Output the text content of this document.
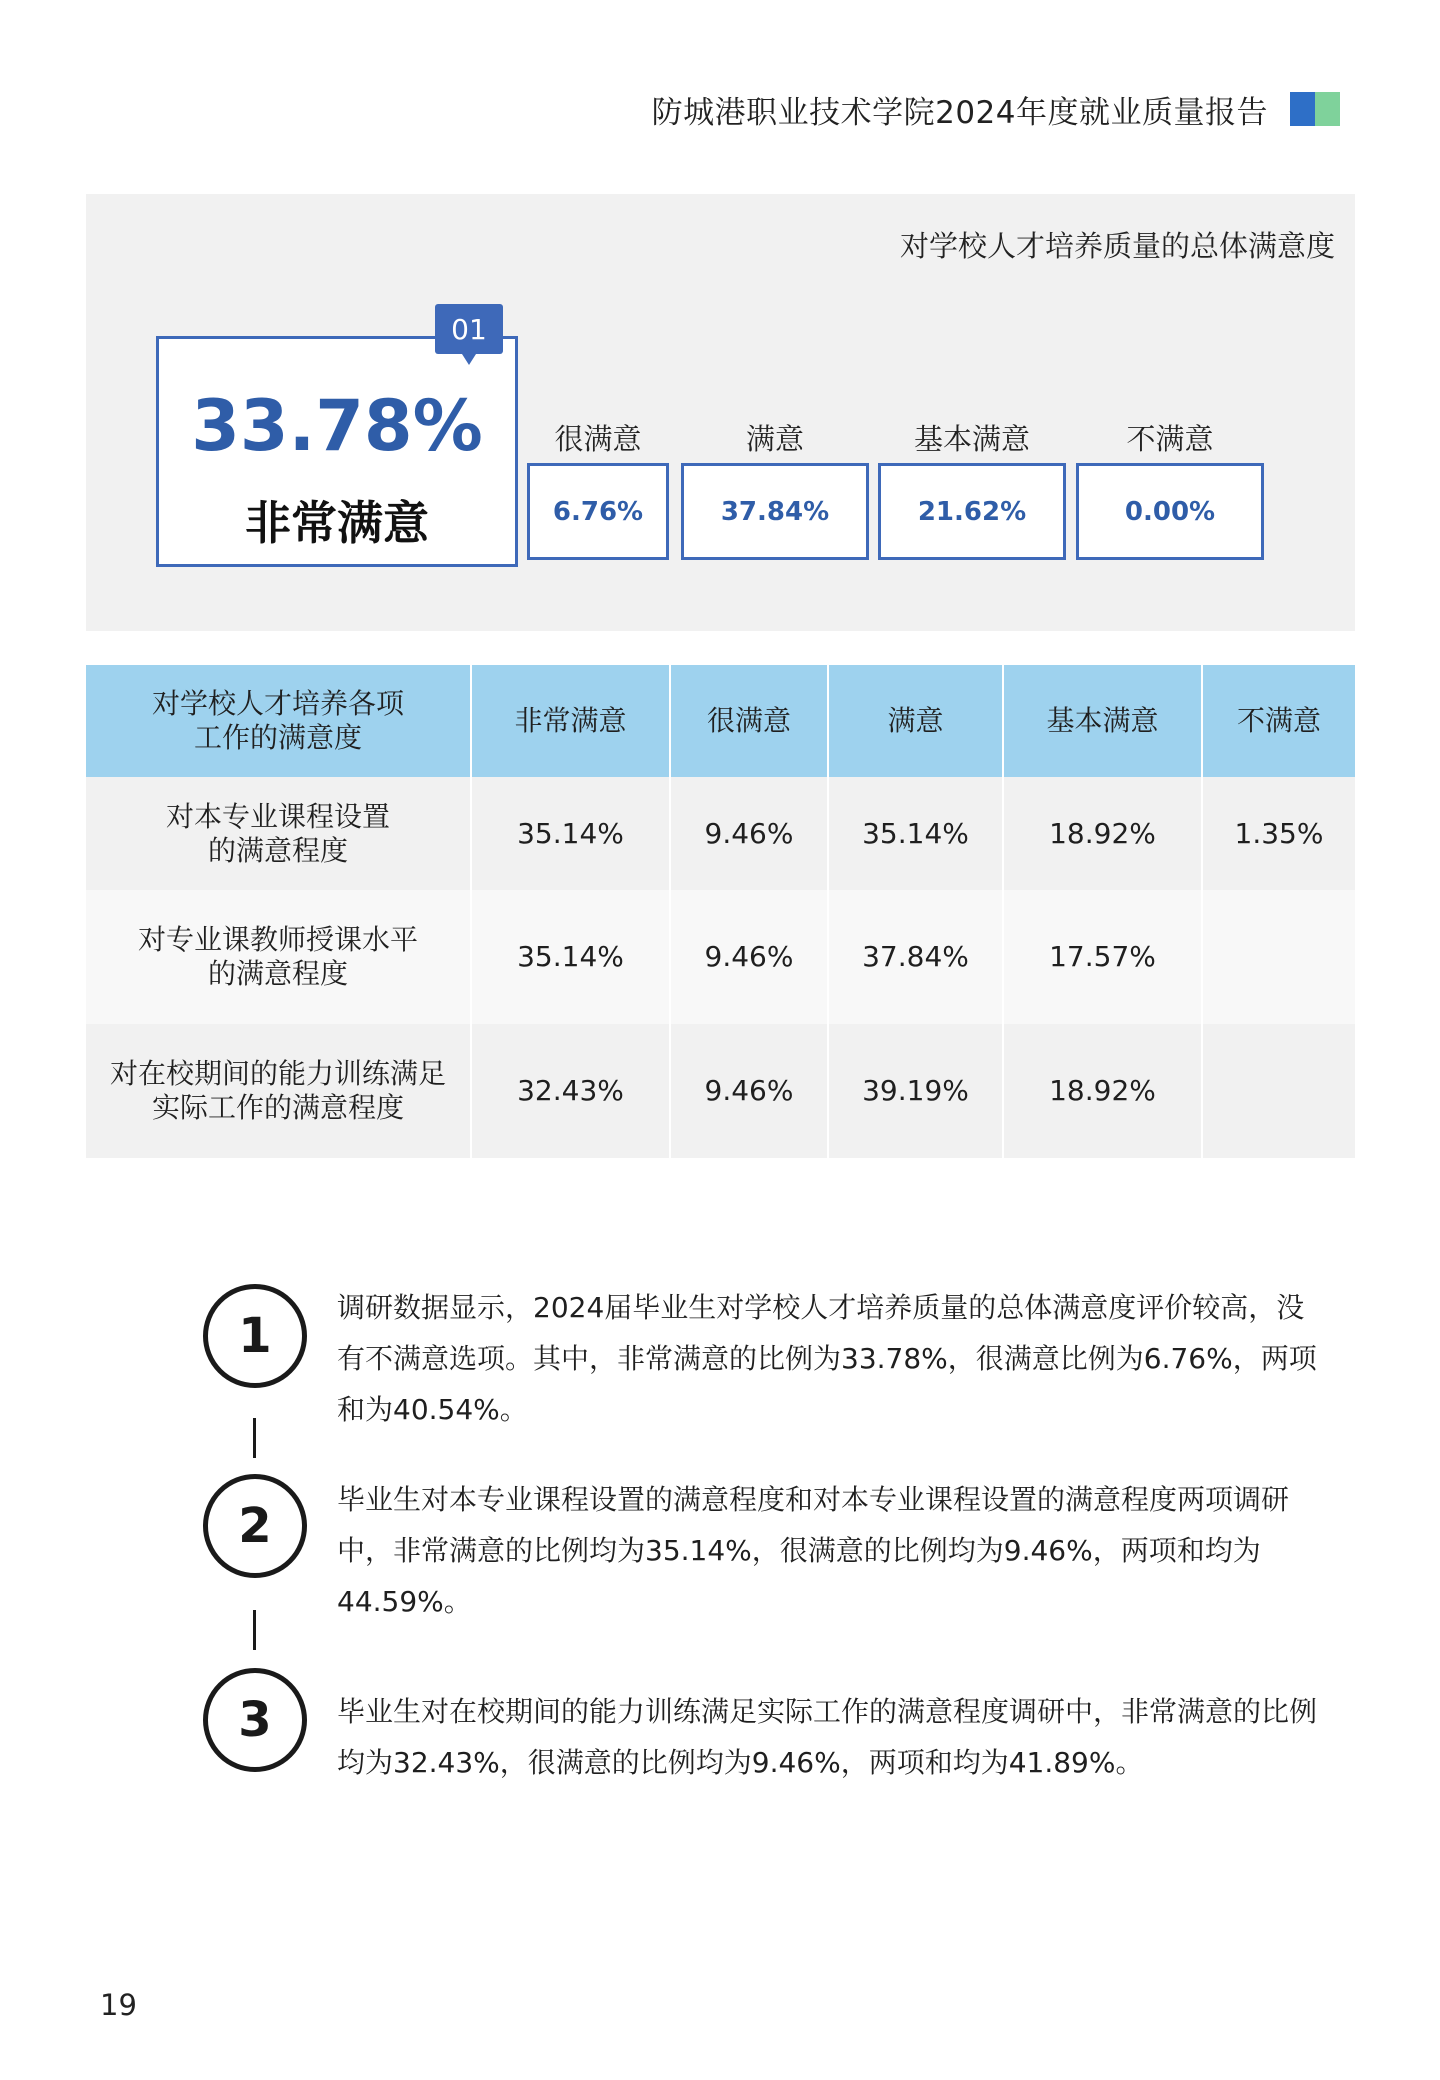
防城港职业技术学院2024年度就业质量报告
对学校人才培养质量的总体满意度
01
33.78%
非常满意
很满意
6.76%
满意
37.84%
基本满意
21.62%
不满意
0.00%
对学校人才培养各项
工作的满意度	非常满意	很满意	满意	基本满意	不满意
对本专业课程设置
的满意程度	35.14%	9.46%	35.14%	18.92%	1.35%
对专业课教师授课水平
的满意程度	35.14%	9.46%	37.84%	17.57%	
对在校期间的能力训练满足
实际工作的满意程度	32.43%	9.46%	39.19%	18.92%	
1
调研数据显示，2024届毕业生对学校人才培养质量的总体满意度评价较高，没有不满意选项。其中，非常满意的比例为33.78%，很满意比例为6.76%，两项和为40.54%。
2	毕业生对本专业课程设置的满意程度和对本专业课程设置的满意程度两项调研中，非常满意的比例均为35.14%，很满意的比例均为9.46%，两项和均为44.59%。
3	毕业生对在校期间的能力训练满足实际工作的满意程度调研中，非常满意的比例均为32.43%，很满意的比例均为9.46%，两项和均为41.89%。
19
